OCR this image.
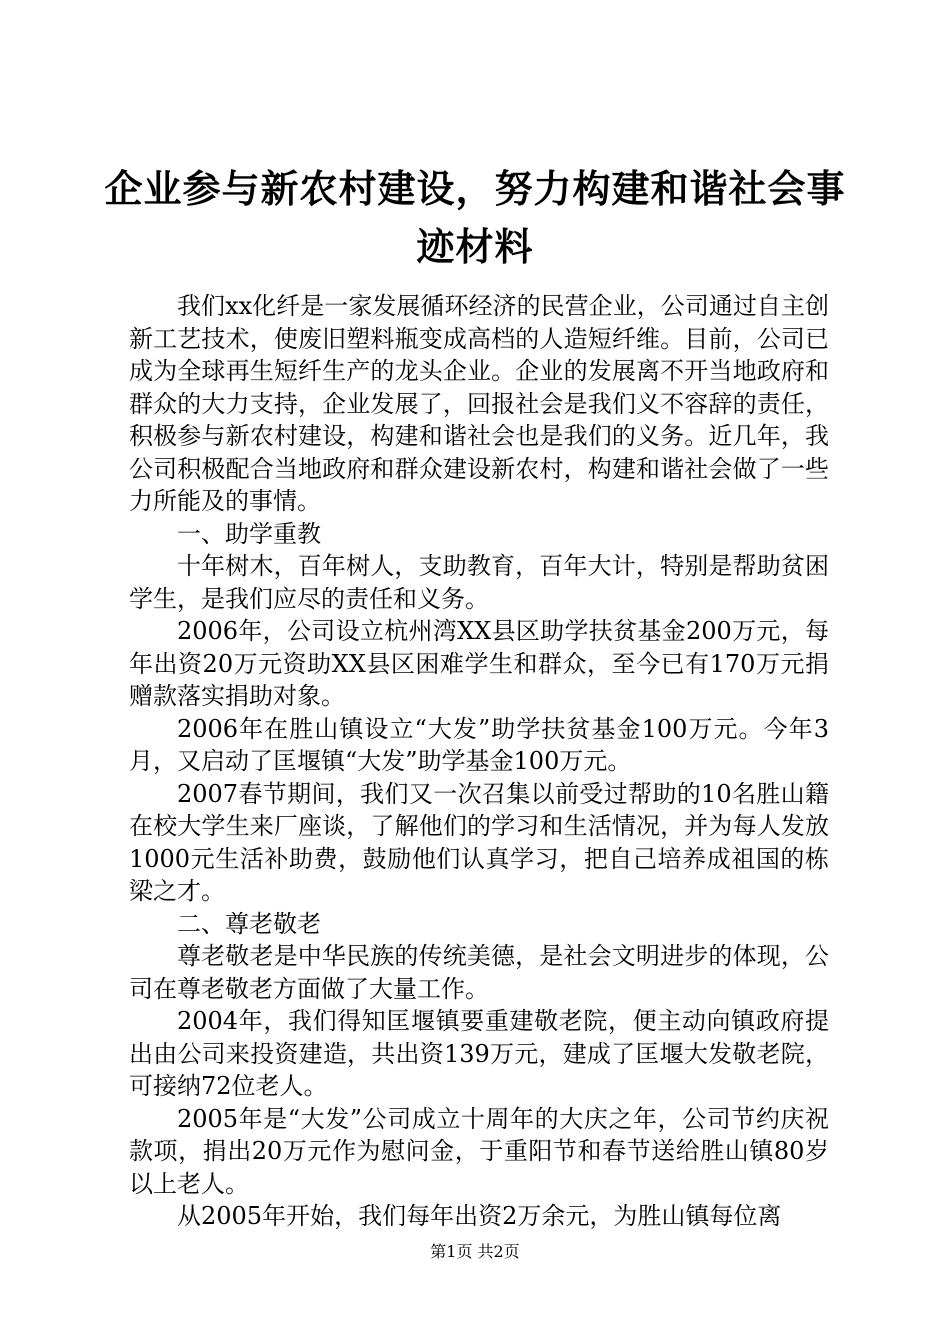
企业参与新农村建设，努力构建和谐社会事迹材料

我们xx化纤是一家发展循环经济的民营企业，公司通过自主创新工艺技术，使废旧塑料瓶变成高档的人造短纤维。目前，公司已成为全球再生短纤生产的龙头企业。企业的发展离不开当地政府和群众的大力支持，企业发展了，回报社会是我们义不容辞的责任，积极参与新农村建设，构建和谐社会也是我们的义务。近几年，我公司积极配合当地政府和群众建设新农村，构建和谐社会做了一些力所能及的事情。

一、助学重教

十年树木，百年树人，支助教育，百年大计，特别是帮助贫困学生，是我们应尽的责任和义务。

2006年，公司设立杭州湾XX县区助学扶贫基金200万元，每年出资20万元资助XX县区困难学生和群众，至今已有170万元捐赠款落实捐助对象。

2006年在胜山镇设立“大发”助学扶贫基金100万元。今年3月，又启动了匡堰镇“大发”助学基金100万元。

2007春节期间，我们又一次召集以前受过帮助的10名胜山籍在校大学生来厂座谈，了解他们的学习和生活情况，并为每人发放1000元生活补助费，鼓励他们认真学习，把自己培养成祖国的栋梁之才。

二、尊老敬老

尊老敬老是中华民族的传统美德，是社会文明进步的体现，公司在尊老敬老方面做了大量工作。

2004年，我们得知匡堰镇要重建敬老院，便主动向镇政府提出由公司来投资建造，共出资139万元，建成了匡堰大发敬老院，可接纳72位老人。

2005年是“大发”公司成立十周年的大庆之年，公司节约庆祝款项，捐出20万元作为慰问金，于重阳节和春节送给胜山镇80岁以上老人。

从2005年开始，我们每年出资2万余元，为胜山镇每位离

第1页 共2页
